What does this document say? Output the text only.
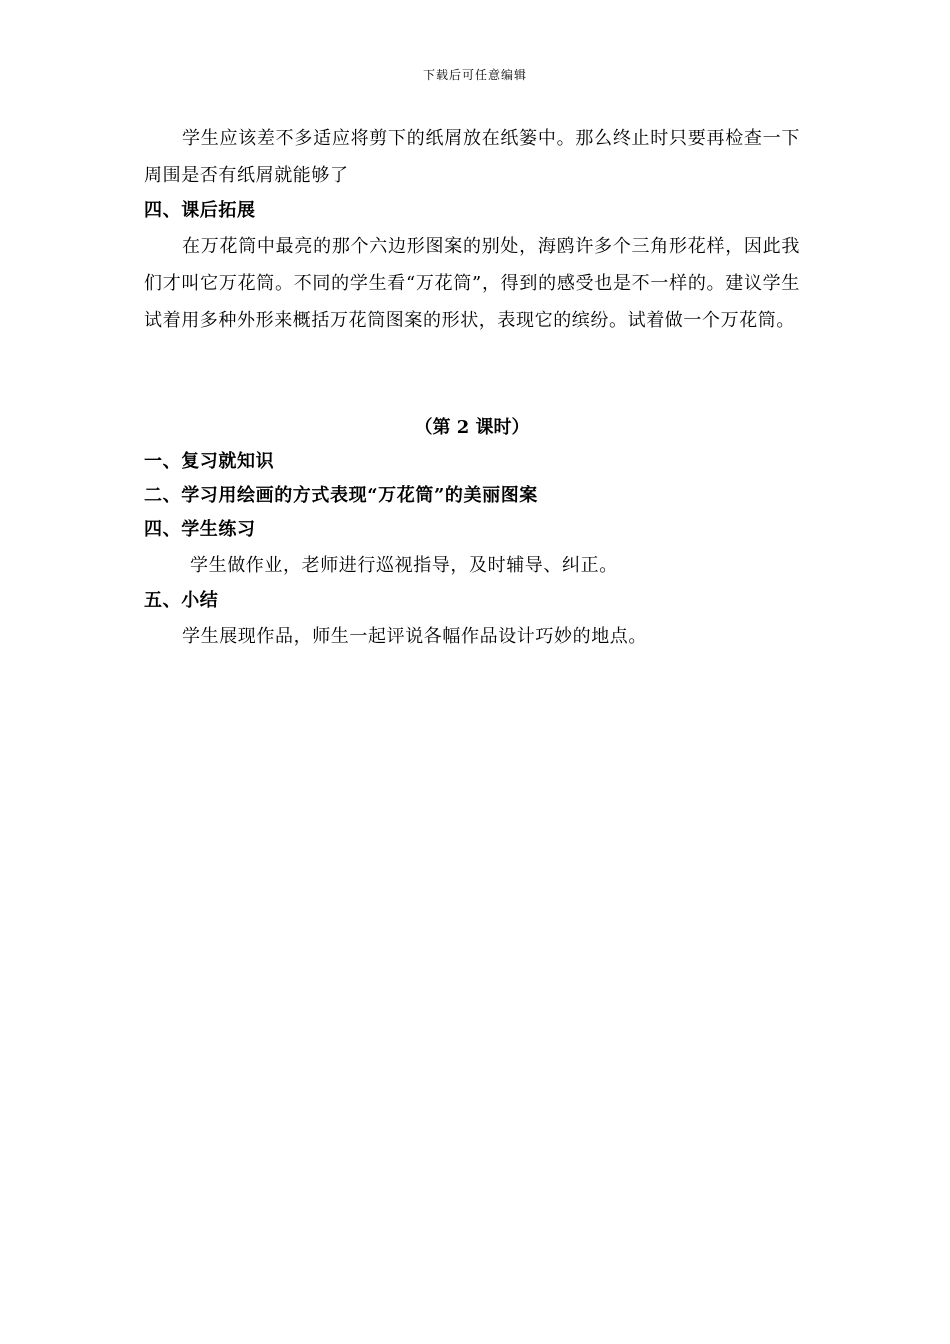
下载后可任意编辑

学生应该差不多适应将剪下的纸屑放在纸篓中。那么终止时只要再检查一下周围是否有纸屑就能够了

四、课后拓展

在万花筒中最亮的那个六边形图案的别处，海鸥许多个三角形花样，因此我们才叫它万花筒。不同的学生看“万花筒”，得到的感受也是不一样的。建议学生试着用多种外形来概括万花筒图案的形状，表现它的缤纷。试着做一个万花筒。

（第 2 课时）

一、复习就知识

二、学习用绘画的方式表现“万花筒”的美丽图案

四、学生练习

学生做作业，老师进行巡视指导，及时辅导、纠正。

五、小结

学生展现作品，师生一起评说各幅作品设计巧妙的地点。
